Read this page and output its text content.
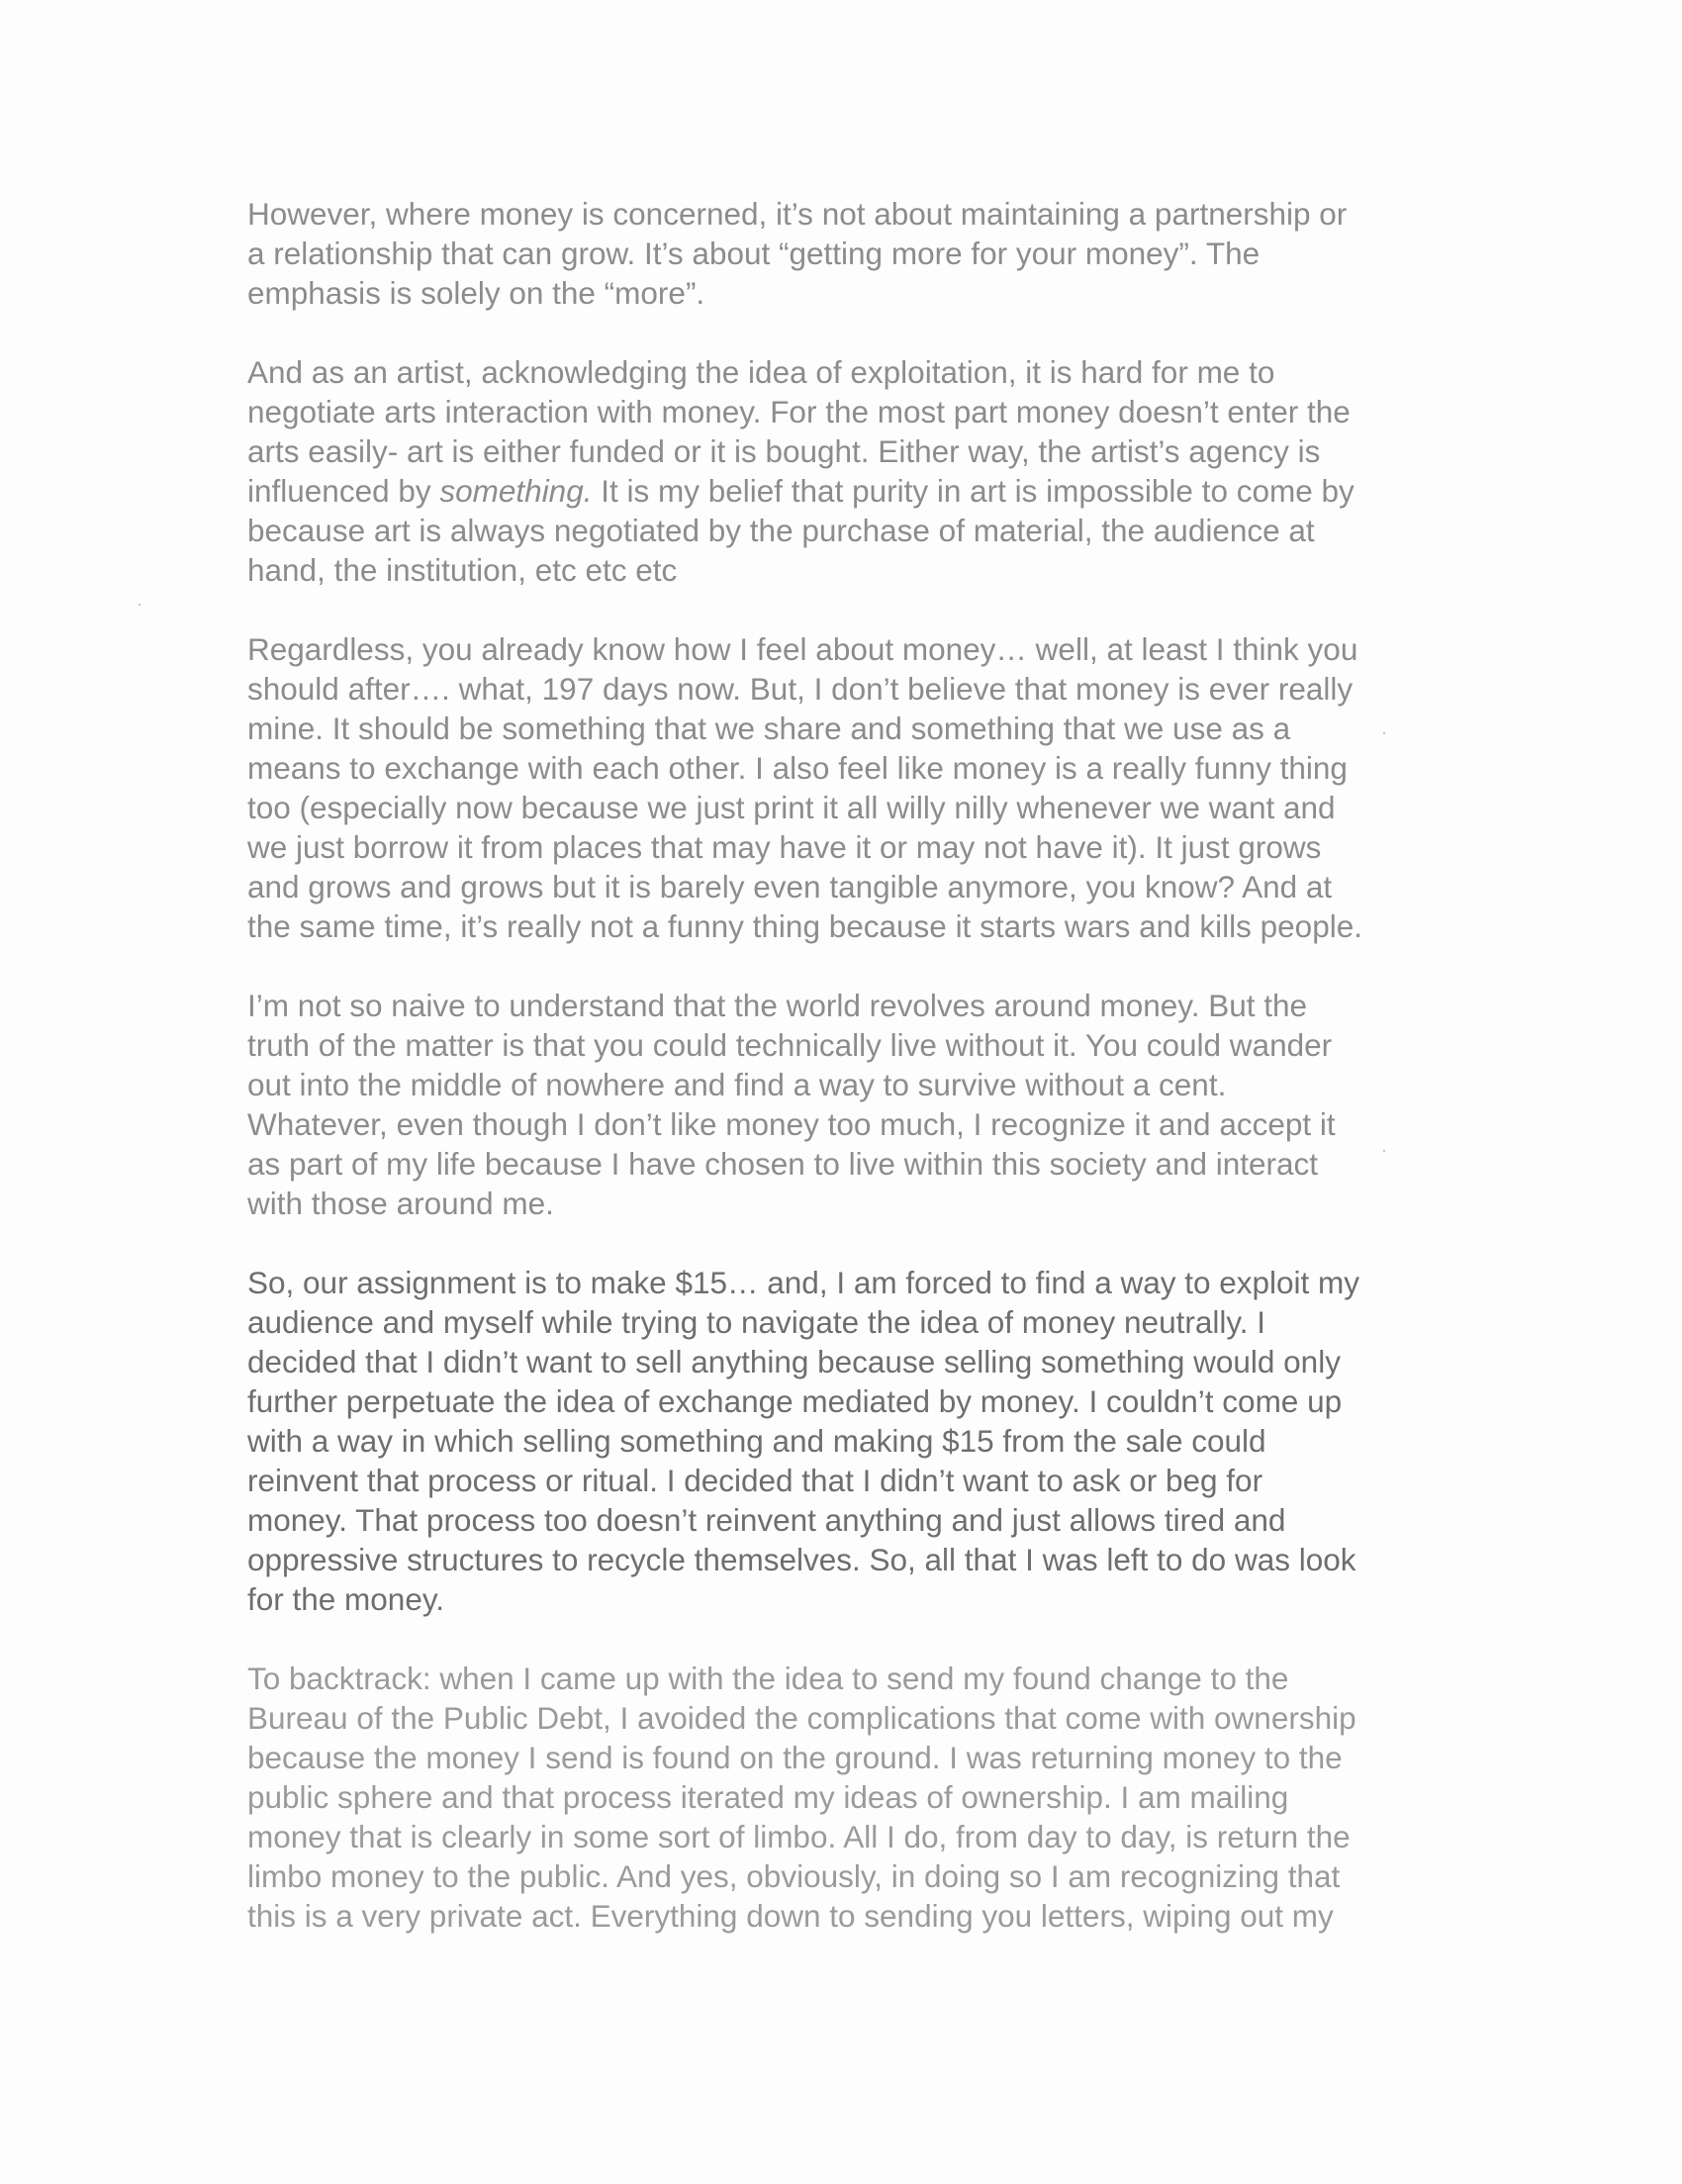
However, where money is concerned, it’s not about maintaining a partnership or
a relationship that can grow. It’s about “getting more for your money”. The
emphasis is solely on the “more”.

And as an artist, acknowledging the idea of exploitation, it is hard for me to
negotiate arts interaction with money. For the most part money doesn’t enter the
arts easily- art is either funded or it is bought. Either way, the artist’s agency is
influenced by something. It is my belief that purity in art is impossible to come by
because art is always negotiated by the purchase of material, the audience at
hand, the institution, etc etc etc

Regardless, you already know how I feel about money… well, at least I think you
should after…. what, 197 days now. But, I don’t believe that money is ever really
mine. It should be something that we share and something that we use as a
means to exchange with each other. I also feel like money is a really funny thing
too (especially now because we just print it all willy nilly whenever we want and
we just borrow it from places that may have it or may not have it). It just grows
and grows and grows but it is barely even tangible anymore, you know? And at
the same time, it’s really not a funny thing because it starts wars and kills people.

I’m not so naive to understand that the world revolves around money. But the
truth of the matter is that you could technically live without it. You could wander
out into the middle of nowhere and find a way to survive without a cent.
Whatever, even though I don’t like money too much, I recognize it and accept it
as part of my life because I have chosen to live within this society and interact
with those around me.

So, our assignment is to make $15… and, I am forced to find a way to exploit my
audience and myself while trying to navigate the idea of money neutrally. I
decided that I didn’t want to sell anything because selling something would only
further perpetuate the idea of exchange mediated by money. I couldn’t come up
with a way in which selling something and making $15 from the sale could
reinvent that process or ritual. I decided that I didn’t want to ask or beg for
money. That process too doesn’t reinvent anything and just allows tired and
oppressive structures to recycle themselves. So, all that I was left to do was look
for the money.

To backtrack: when I came up with the idea to send my found change to the
Bureau of the Public Debt, I avoided the complications that come with ownership
because the money I send is found on the ground. I was returning money to the
public sphere and that process iterated my ideas of ownership. I am mailing
money that is clearly in some sort of limbo. All I do, from day to day, is return the
limbo money to the public. And yes, obviously, in doing so I am recognizing that
this is a very private act. Everything down to sending you letters, wiping out my
